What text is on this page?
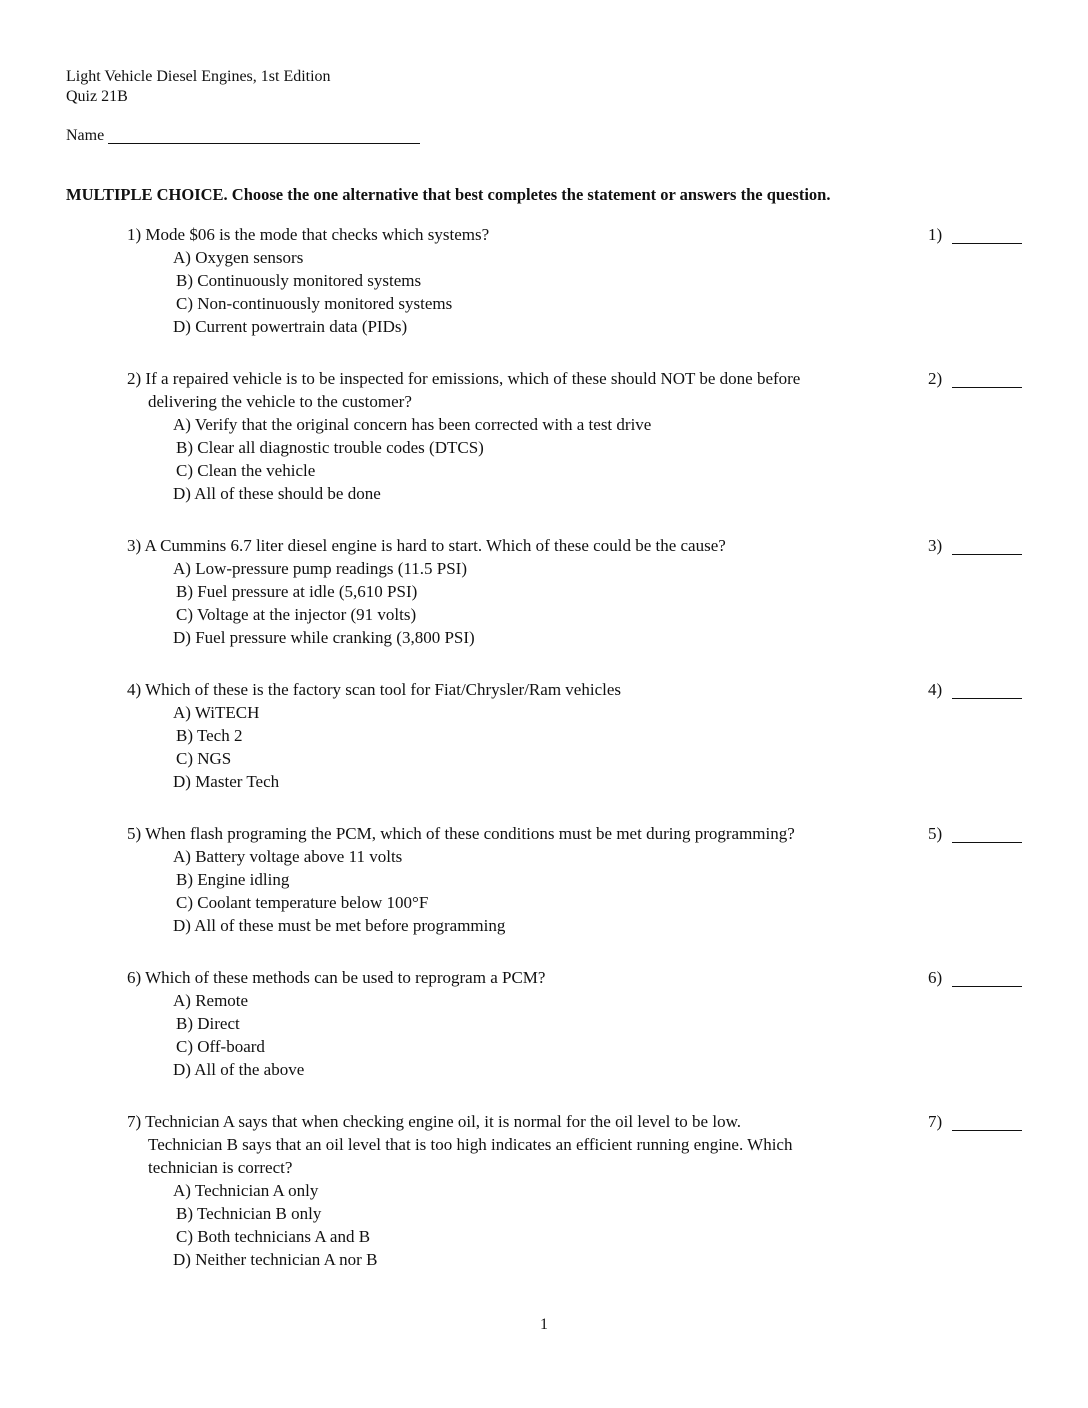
Light Vehicle Diesel Engines, 1st Edition
Quiz 21B
Name
MULTIPLE CHOICE. Choose the one alternative that best completes the statement or answers the question.
1) Mode $06 is the mode that checks which systems?
A) Oxygen sensors
B) Continuously monitored systems
C) Non-continuously monitored systems
D) Current powertrain data (PIDs)
1)
2) If a repaired vehicle is to be inspected for emissions, which of these should NOT be done before
delivering the vehicle to the customer?
A) Verify that the original concern has been corrected with a test drive
B) Clear all diagnostic trouble codes (DTCS)
C) Clean the vehicle
D) All of these should be done
2)
3) A Cummins 6.7 liter diesel engine is hard to start. Which of these could be the cause?
A) Low-pressure pump readings (11.5 PSI)
B) Fuel pressure at idle (5,610 PSI)
C) Voltage at the injector (91 volts)
D) Fuel pressure while cranking (3,800 PSI)
3)
4) Which of these is the factory scan tool for Fiat/Chrysler/Ram vehicles
A) WiTECH
B) Tech 2
C) NGS
D) Master Tech
4)
5) When flash programing the PCM, which of these conditions must be met during programming?
A) Battery voltage above 11 volts
B) Engine idling
C) Coolant temperature below 100°F
D) All of these must be met before programming
5)
6) Which of these methods can be used to reprogram a PCM?
A) Remote
B) Direct
C) Off-board
D) All of the above
6)
7) Technician A says that when checking engine oil, it is normal for the oil level to be low.
Technician B says that an oil level that is too high indicates an efficient running engine. Which
technician is correct?
A) Technician A only
B) Technician B only
C) Both technicians A and B
D) Neither technician A nor B
7)
1
